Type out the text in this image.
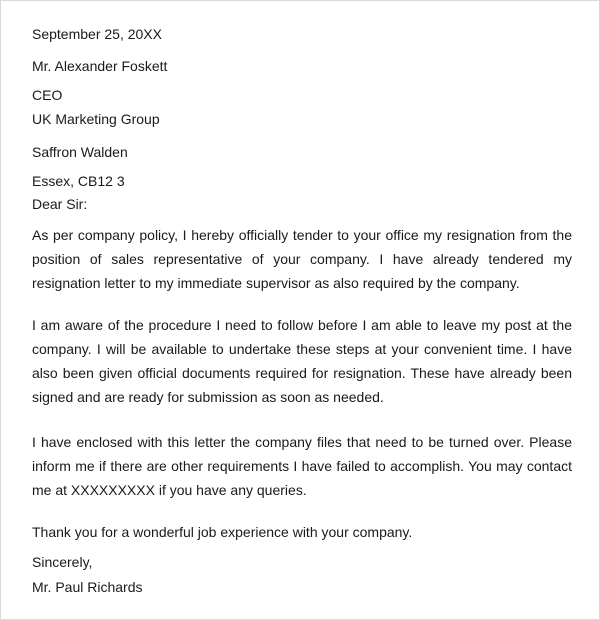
September 25, 20XX
Mr. Alexander Foskett
CEO
UK Marketing Group
Saffron Walden
Essex, CB12 3
Dear Sir:
As per company policy, I hereby officially tender to your office my resignation from the position of sales representative of your company. I have already tendered my resignation letter to my immediate supervisor as also required by the company.
I am aware of the procedure I need to follow before I am able to leave my post at the company. I will be available to undertake these steps at your convenient time. I have also been given official documents required for resignation. These have already been signed and are ready for submission as soon as needed.
I have enclosed with this letter the company files that need to be turned over. Please inform me if there are other requirements I have failed to accomplish. You may contact me at XXXXXXXXX if you have any queries.
Thank you for a wonderful job experience with your company.
Sincerely,
Mr. Paul Richards
